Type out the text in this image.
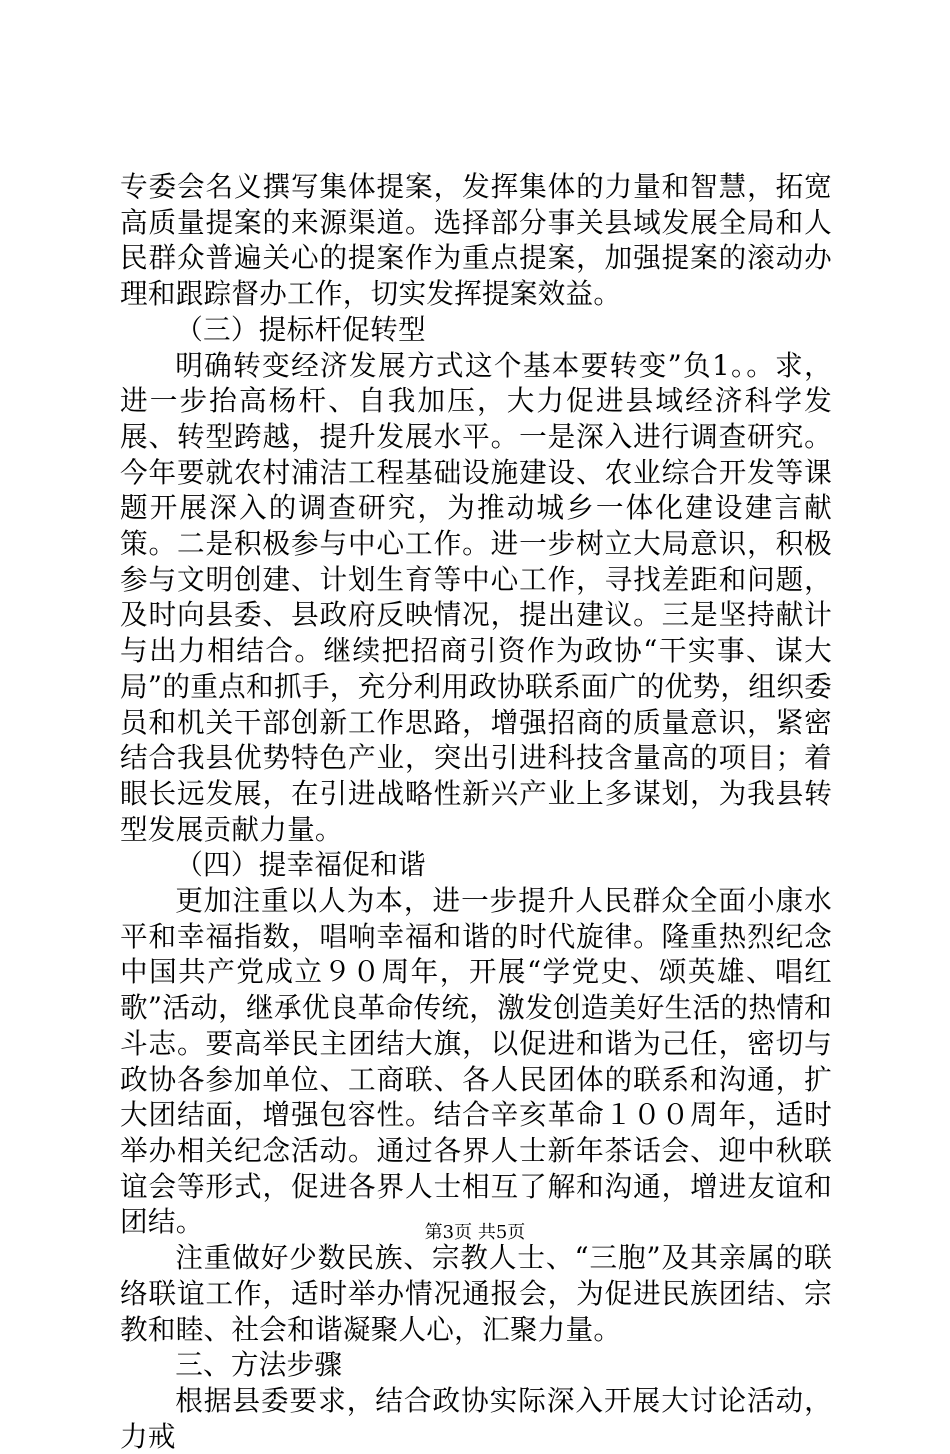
专委会名义撰写集体提案，发挥集体的力量和智慧，拓宽高质量提案的来源渠道。选择部分事关县域发展全局和人民群众普遍关心的提案作为重点提案，加强提案的滚动办理和跟踪督办工作，切实发挥提案效益。

（三）提标杆促转型

明确转变经济发展方式这个基本要转变”负1。。求，进一步抬高杨杆、自我加压，大力促进县域经济科学发展、转型跨越，提升发展水平。一是深入进行调查研究。今年要就农村浦洁工程基础设施建设、农业综合开发等课题开展深入的调查研究，为推动城乡一体化建设建言献策。二是积极参与中心工作。进一步树立大局意识，积极参与文明创建、计划生育等中心工作，寻找差距和问题，及时向县委、县政府反映情况，提出建议。三是坚持献计与出力相结合。继续把招商引资作为政协“干实事、谋大局”的重点和抓手，充分利用政协联系面广的优势，组织委员和机关干部创新工作思路，增强招商的质量意识，紧密结合我县优势特色产业，突出引进科技含量高的项目；着眼长远发展，在引进战略性新兴产业上多谋划，为我县转型发展贡献力量。

（四）提幸福促和谐

更加注重以人为本，进一步提升人民群众全面小康水平和幸福指数，唱响幸福和谐的时代旋律。隆重热烈纪念中国共产党成立９０周年，开展“学党史、颂英雄、唱红歌”活动，继承优良革命传统，激发创造美好生活的热情和斗志。要高举民主团结大旗，以促进和谐为己任，密切与政协各参加单位、工商联、各人民团体的联系和沟通，扩大团结面，增强包容性。结合辛亥革命１００周年，适时举办相关纪念活动。通过各界人士新年茶话会、迎中秋联谊会等形式，促进各界人士相互了解和沟通，增进友谊和团结。

注重做好少数民族、宗教人士、“三胞”及其亲属的联络联谊工作，适时举办情况通报会，为促进民族团结、宗教和睦、社会和谐凝聚人心，汇聚力量。

三、方法步骤

根据县委要求，结合政协实际深入开展大讨论活动，力戒

第3页 共5页
